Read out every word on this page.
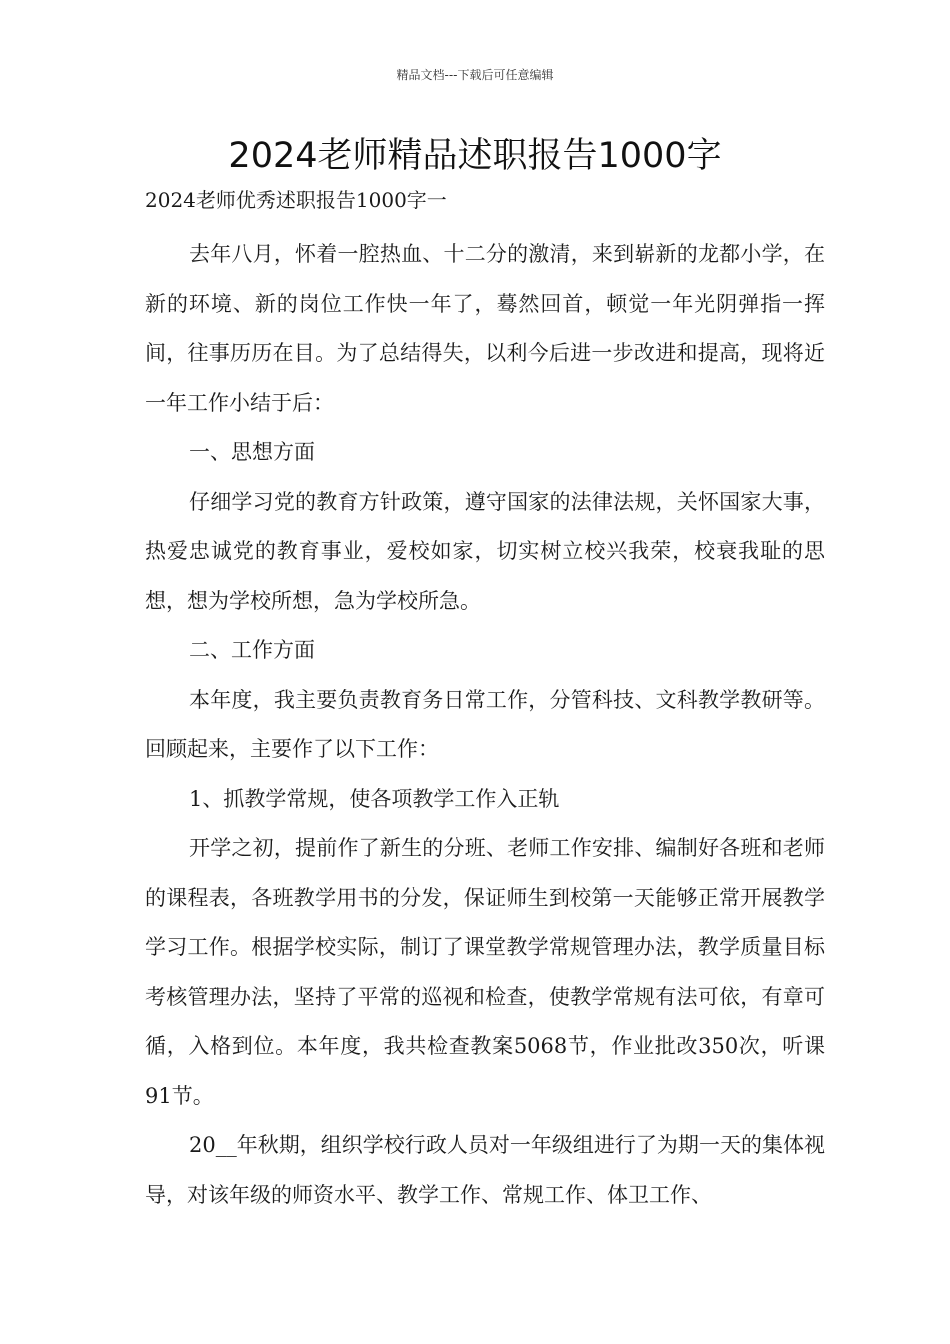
精品文档---下载后可任意编辑
2024老师精品述职报告1000字

2024老师优秀述职报告1000字一

去年八月，怀着一腔热血、十二分的激清，来到崭新的龙都小学，在新的环境、新的岗位工作快一年了，蓦然回首，顿觉一年光阴弹指一挥间，往事历历在目。为了总结得失，以利今后进一步改进和提高，现将近一年工作小结于后：

一、思想方面

仔细学习党的教育方针政策，遵守国家的法律法规，关怀国家大事，热爱忠诚党的教育事业，爱校如家，切实树立校兴我荣，校衰我耻的思想，想为学校所想，急为学校所急。

二、工作方面

本年度，我主要负责教育务日常工作，分管科技、文科教学教研等。回顾起来，主要作了以下工作：

1、抓教学常规，使各项教学工作入正轨

开学之初，提前作了新生的分班、老师工作安排、编制好各班和老师的课程表，各班教学用书的分发，保证师生到校第一天能够正常开展教学学习工作。根据学校实际，制订了课堂教学常规管理办法，教学质量目标考核管理办法，坚持了平常的巡视和检查，使教学常规有法可依，有章可循，入格到位。本年度，我共检查教案5068节，作业批改350次，听课91节。

20__年秋期，组织学校行政人员对一年级组进行了为期一天的集体视导，对该年级的师资水平、教学工作、常规工作、体卫工作、
